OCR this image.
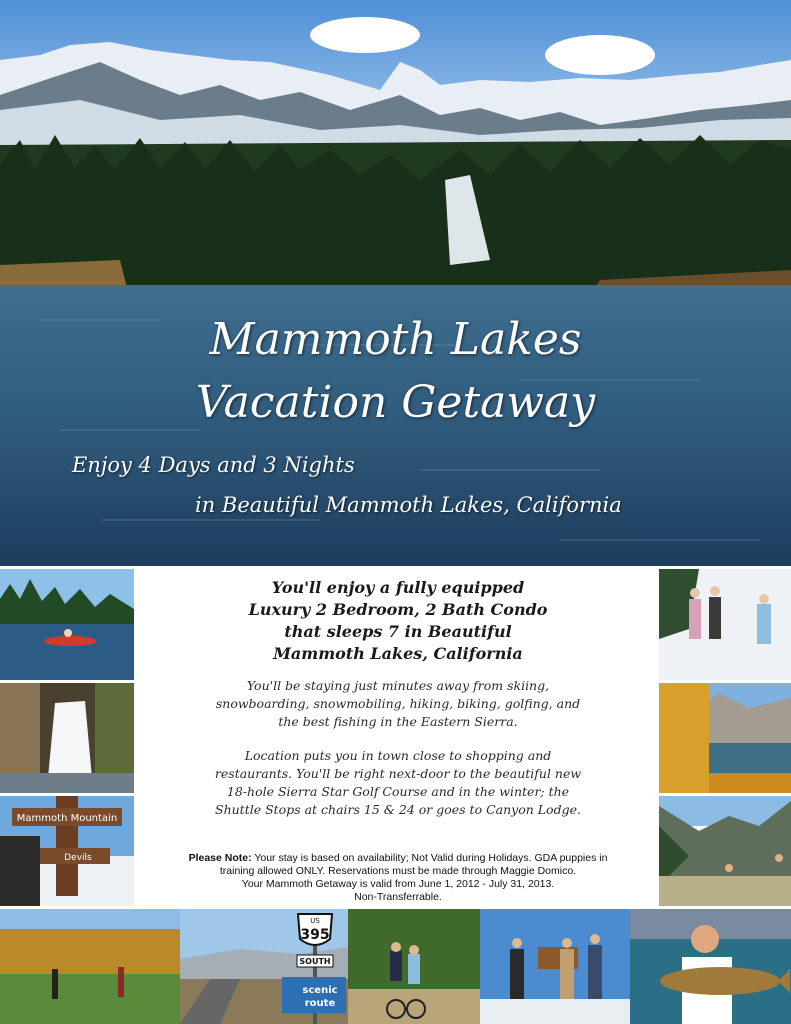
Mammoth Lakes
Vacation Getaway
Enjoy 4 Days and 3 Nights
in Beautiful Mammoth Lakes, California
Mammoth Mountain
Devils
US
395
SOUTH
scenic
route
You'll enjoy a fully equipped
Luxury 2 Bedroom, 2 Bath Condo
that sleeps 7 in Beautiful
Mammoth Lakes, California
You'll be staying just minutes away from skiing,
snowboarding, snowmobiling, hiking, biking, golfing, and
the best fishing in the Eastern Sierra.
Location puts you in town close to shopping and
restaurants. You'll be right next-door to the beautiful new
18-hole Sierra Star Golf Course and in the winter; the
Shuttle Stops at chairs 15 & 24 or goes to Canyon Lodge.
Please Note: Your stay is based on availability; Not Valid during Holidays. GDA puppies in
training allowed ONLY. Reservations must be made through Maggie Domico.
Your Mammoth Getaway is valid from June 1, 2012 - July 31, 2013.
Non-Transferrable.
